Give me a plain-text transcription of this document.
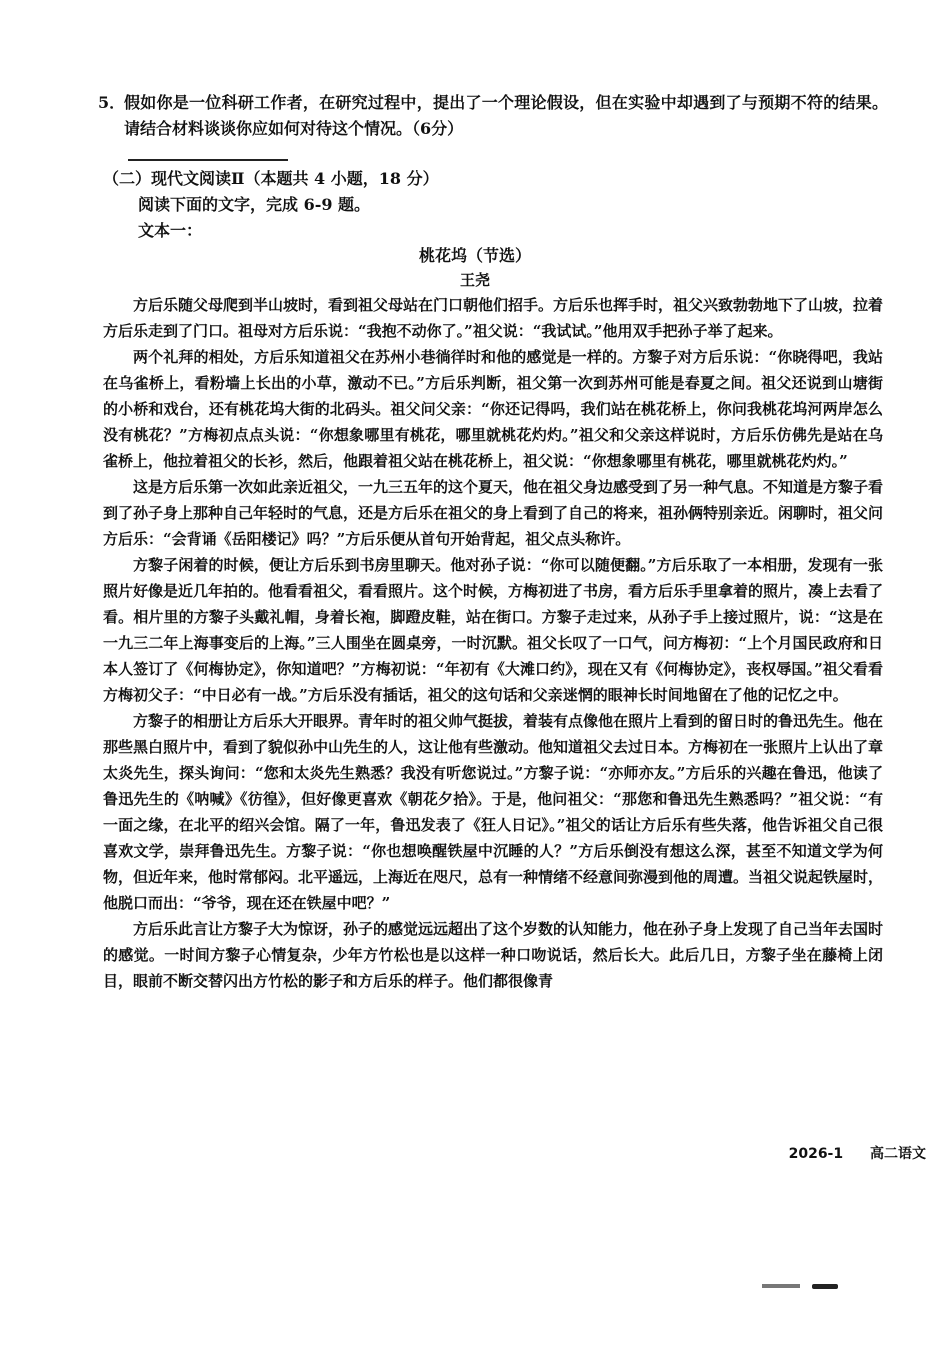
5．
假如你是一位科研工作者，在研究过程中，提出了一个理论假设，但在实验中却遇到了与预期不符的结果。请结合材料谈谈你应如何对待这个情况。（6分）
（二）现代文阅读Ⅱ（本题共 4 小题，18 分）
阅读下面的文字，完成 6-9 题。
文本一：
桃花坞（节选）
王尧

方后乐随父母爬到半山坡时，看到祖父母站在门口朝他们招手。方后乐也挥手时，祖父兴致勃勃地下了山坡，拉着方后乐走到了门口。祖母对方后乐说：“我抱不动你了。”祖父说：“我试试。”他用双手把孙子举了起来。

两个礼拜的相处，方后乐知道祖父在苏州小巷徜徉时和他的感觉是一样的。方黎子对方后乐说：“你晓得吧，我站在乌雀桥上，看粉墙上长出的小草，激动不已。”方后乐判断，祖父第一次到苏州可能是春夏之间。祖父还说到山塘街的小桥和戏台，还有桃花坞大街的北码头。祖父问父亲：“你还记得吗，我们站在桃花桥上，你问我桃花坞河两岸怎么没有桃花？”方梅初点点头说：“你想象哪里有桃花，哪里就桃花灼灼。”祖父和父亲这样说时，方后乐仿佛先是站在乌雀桥上，他拉着祖父的长衫，然后，他跟着祖父站在桃花桥上，祖父说：“你想象哪里有桃花，哪里就桃花灼灼。”

这是方后乐第一次如此亲近祖父，一九三五年的这个夏天，他在祖父身边感受到了另一种气息。不知道是方黎子看到了孙子身上那种自己年轻时的气息，还是方后乐在祖父的身上看到了自己的将来，祖孙俩特别亲近。闲聊时，祖父问方后乐：“会背诵《岳阳楼记》吗？”方后乐便从首句开始背起，祖父点头称许。

方黎子闲着的时候，便让方后乐到书房里聊天。他对孙子说：“你可以随便翻。”方后乐取了一本相册，发现有一张照片好像是近几年拍的。他看看祖父，看看照片。这个时候，方梅初进了书房，看方后乐手里拿着的照片，凑上去看了看。相片里的方黎子头戴礼帽，身着长袍，脚蹬皮鞋，站在街口。方黎子走过来，从孙子手上接过照片，说：“这是在一九三二年上海事变后的上海。”三人围坐在圆桌旁，一时沉默。祖父长叹了一口气，问方梅初：“上个月国民政府和日本人签订了《何梅协定》，你知道吧？”方梅初说：“年初有《大滩口约》，现在又有《何梅协定》，丧权辱国。”祖父看看方梅初父子：“中日必有一战。”方后乐没有插话，祖父的这句话和父亲迷惘的眼神长时间地留在了他的记忆之中。

方黎子的相册让方后乐大开眼界。青年时的祖父帅气挺拔，着装有点像他在照片上看到的留日时的鲁迅先生。他在那些黑白照片中，看到了貌似孙中山先生的人，这让他有些激动。他知道祖父去过日本。方梅初在一张照片上认出了章太炎先生，探头询问：“您和太炎先生熟悉？我没有听您说过。”方黎子说：“亦师亦友。”方后乐的兴趣在鲁迅，他读了鲁迅先生的《呐喊》《彷徨》，但好像更喜欢《朝花夕拾》。于是，他问祖父：“那您和鲁迅先生熟悉吗？”祖父说：“有一面之缘，在北平的绍兴会馆。隔了一年，鲁迅发表了《狂人日记》。”祖父的话让方后乐有些失落，他告诉祖父自己很喜欢文学，崇拜鲁迅先生。方黎子说：“你也想唤醒铁屋中沉睡的人？”方后乐倒没有想这么深，甚至不知道文学为何物，但近年来，他时常郁闷。北平遥远，上海近在咫尺，总有一种情绪不经意间弥漫到他的周遭。当祖父说起铁屋时，他脱口而出：“爷爷，现在还在铁屋中吧？”

方后乐此言让方黎子大为惊讶，孙子的感觉远远超出了这个岁数的认知能力，他在孙子身上发现了自己当年去国时的感觉。一时间方黎子心情复杂，少年方竹松也是以这样一种口吻说话，然后长大。此后几日，方黎子坐在藤椅上闭目，眼前不断交替闪出方竹松的影子和方后乐的样子。他们都很像青

2026-1 高二语文
